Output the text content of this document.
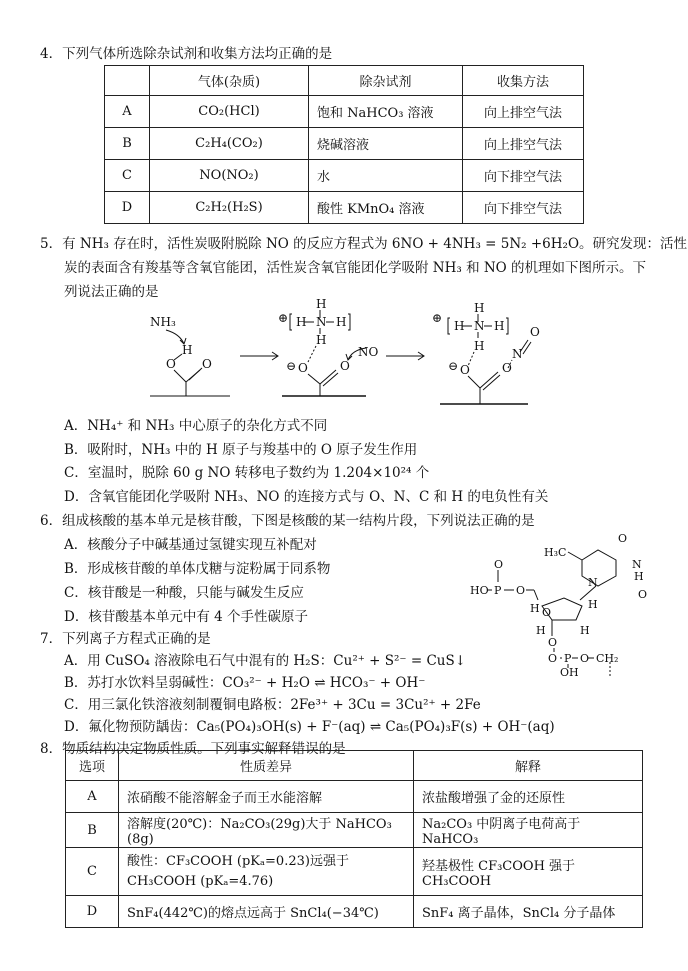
4．下列气体所选除杂试剂和收集方法均正确的是
	气体(杂质)	除杂试剂	收集方法
A	CO₂(HCl)	饱和 NaHCO₃ 溶液	向上排空气法
B	C₂H₄(CO₂)	烧碱溶液	向上排空气法
C	NO(NO₂)	水	向下排空气法
D	C₂H₂(H₂S)	酸性 KMnO₄ 溶液	向下排空气法
5．有 NH₃ 存在时，活性炭吸附脱除 NO 的反应方程式为 6NO + 4NH₃ = 5N₂ +6H₂O。研究发现：活性
炭的表面含有羧基等含氧官能团，活性炭含氧官能团化学吸附 NH₃ 和 NO 的机理如下图所示。下
列说法正确的是
NH₃
O
H
O
⊕
H
H N H
H
⊖ O	O
NO
⊕
H
H N H
H
O
N
⊖ O	O
A．NH₄⁺ 和 NH₃ 中心原子的杂化方式不同
B．吸附时，NH₃ 中的 H 原子与羧基中的 O 原子发生作用
C．室温时，脱除 60 g NO 转移电子数约为 1.204×10²⁴ 个
D．含氧官能团化学吸附 NH₃、NO 的连接方式与 O、N、C 和 H 的电负性有关
6．组成核酸的基本单元是核苷酸，下图是核酸的某一结构片段，下列说法正确的是
A．核酸分子中碱基通过氢键实现互补配对
B．形成核苷酸的单体戊糖与淀粉属于同系物
C．核苷酸是一种酸，只能与碱发生反应
D．核苷酸基本单元中有 4 个手性碳原子
H₃C
O
N
H
O
N
HO P
O
O
O
H	H
H	H
O
O P
OH
O CH₂
7．下列离子方程式正确的是
A．用 CuSO₄ 溶液除电石气中混有的 H₂S：Cu²⁺ + S²⁻ = CuS↓
B．苏打水饮料呈弱碱性：CO₃²⁻ + H₂O ⇌ HCO₃⁻ + OH⁻
C．用三氯化铁溶液刻制覆铜电路板：2Fe³⁺ + 3Cu = 3Cu²⁺ + 2Fe
D．氟化物预防龋齿：Ca₅(PO₄)₃OH(s) + F⁻(aq) ⇌ Ca₅(PO₄)₃F(s) + OH⁻(aq)
8．物质结构决定物质性质。下列事实解释错误的是
选项	性质差异	解释
A	浓硝酸不能溶解金子而王水能溶解	浓盐酸增强了金的还原性
B	溶解度(20℃)：Na₂CO₃(29g)大于 NaHCO₃ (8g)	Na₂CO₃ 中阴离子电荷高于 NaHCO₃
C	酸性：CF₃COOH (pKₐ=0.23)远强于 CH₃COOH (pKₐ=4.76)	羟基极性 CF₃COOH 强于 CH₃COOH
D	SnF₄(442℃)的熔点远高于 SnCl₄(−34℃)	SnF₄ 离子晶体，SnCl₄ 分子晶体
